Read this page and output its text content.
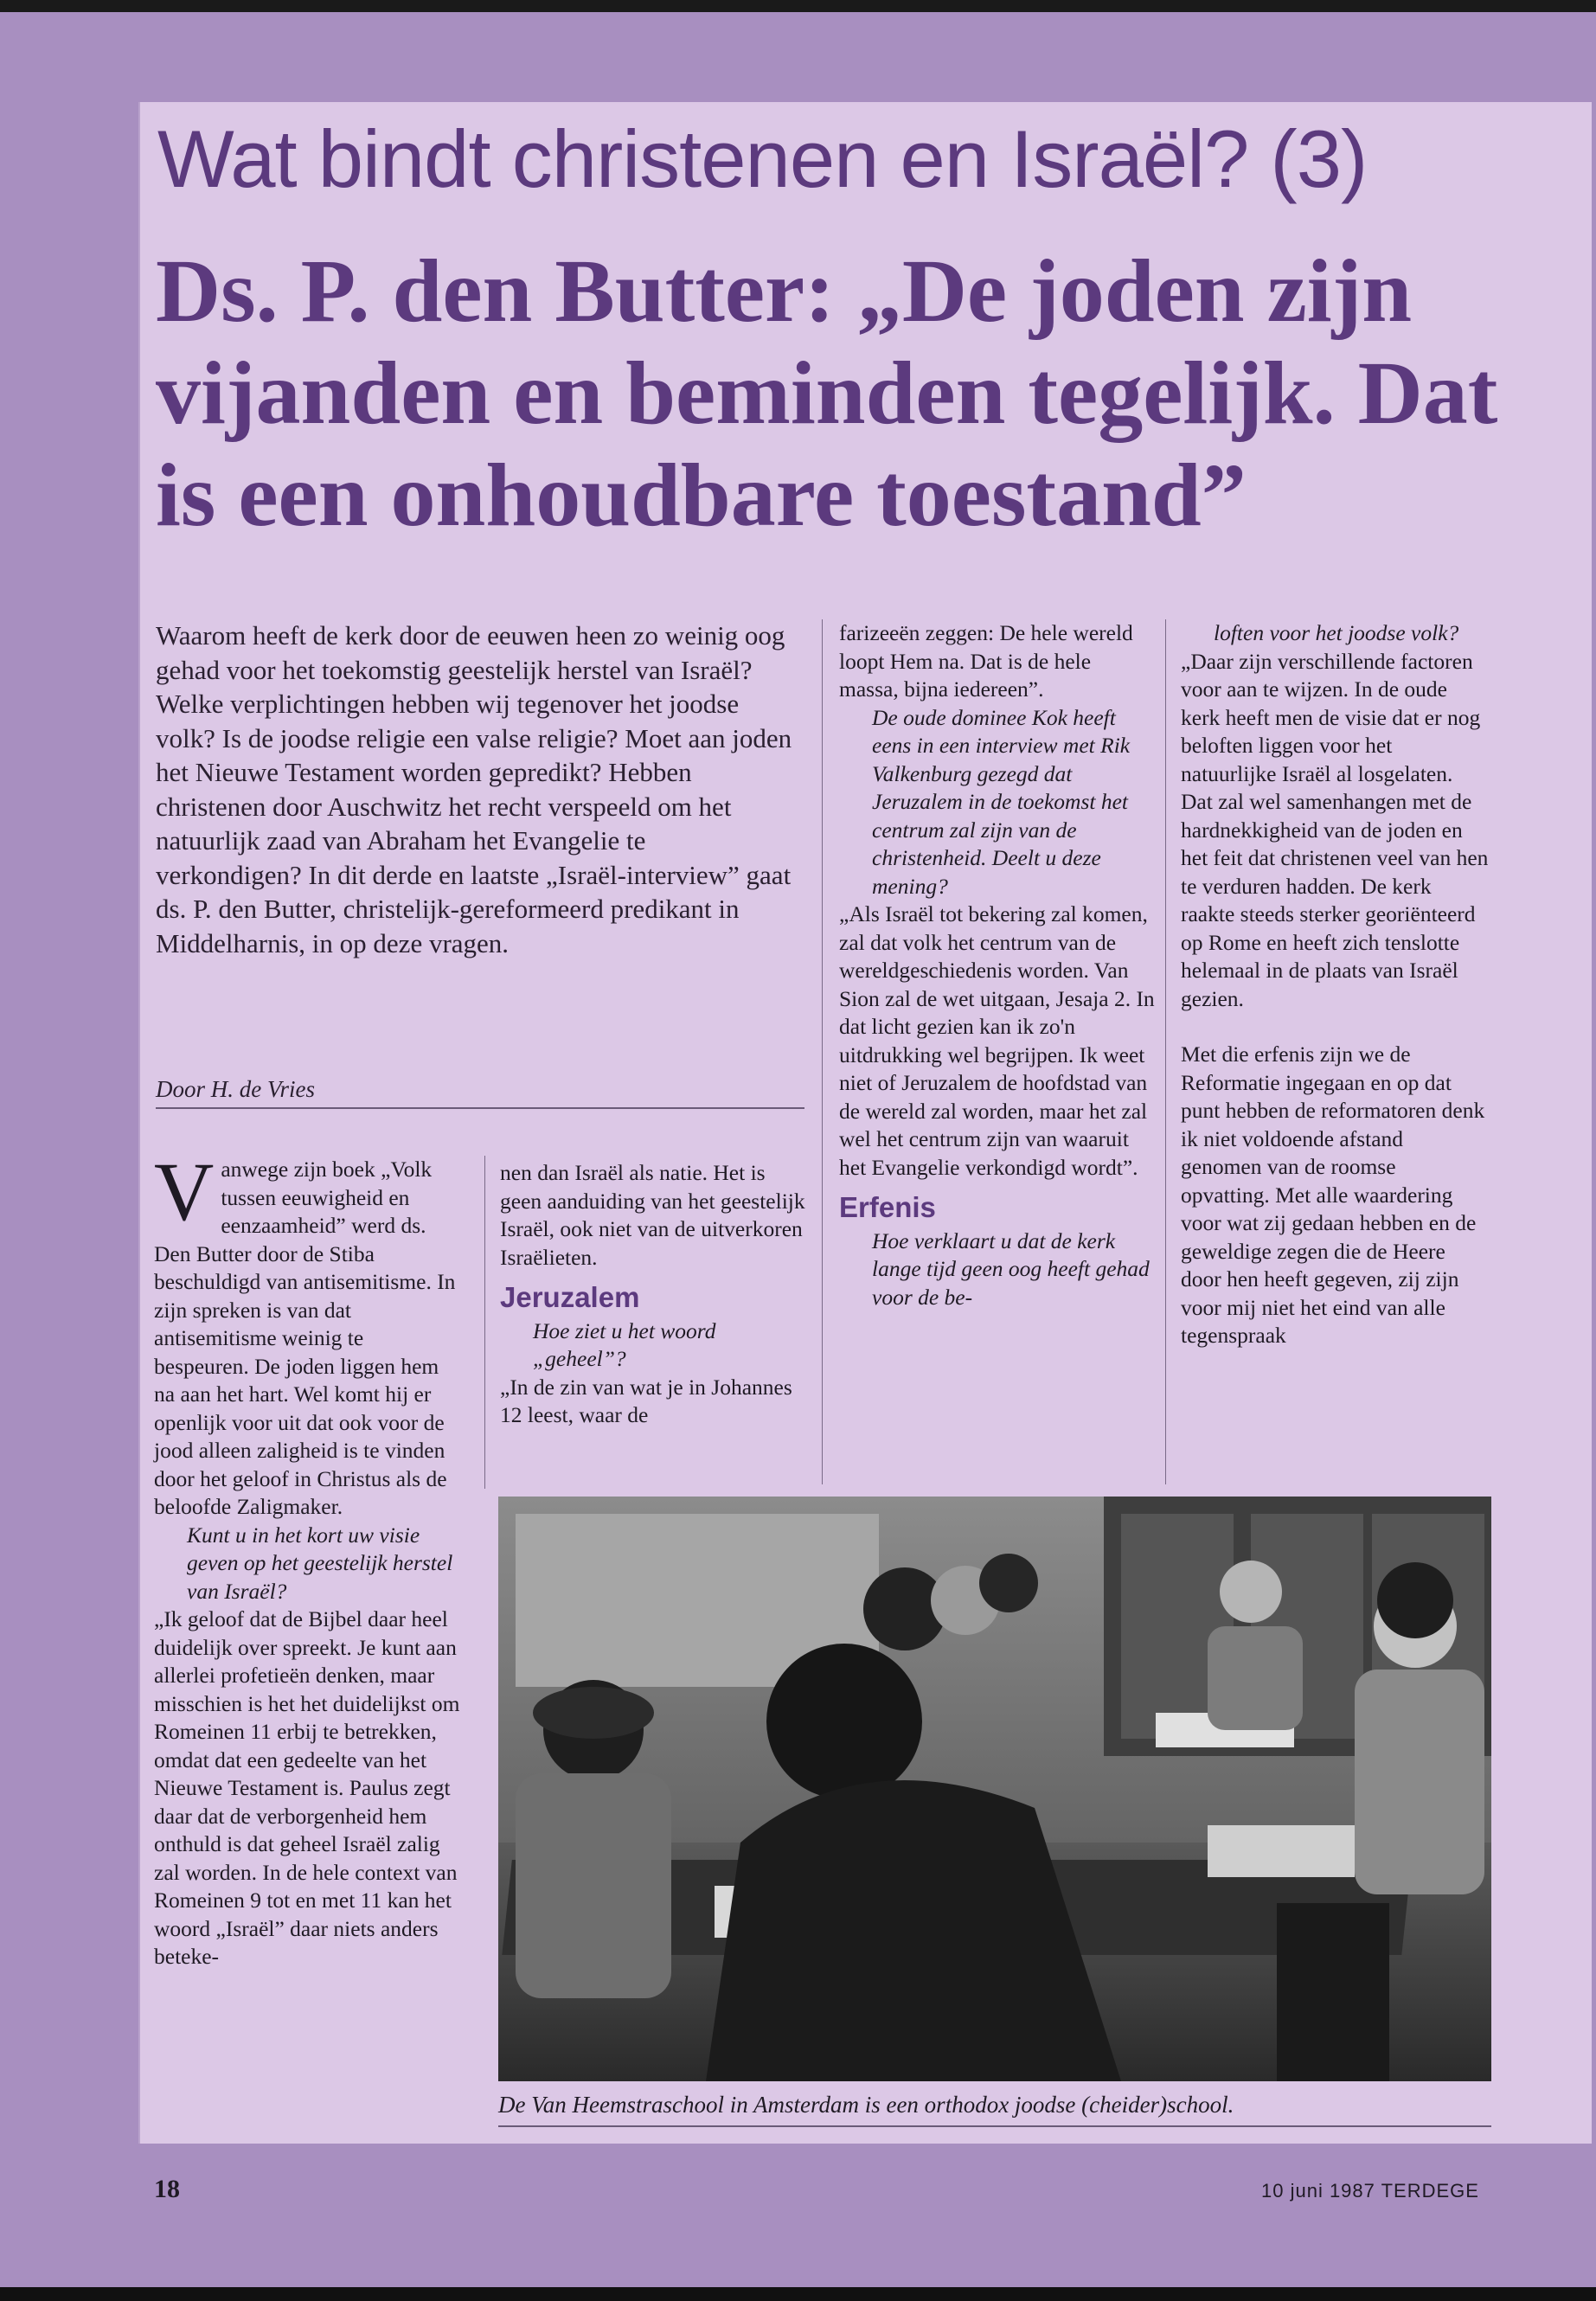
Wat bindt christenen en Israël? (3)
Ds. P. den Butter: „De joden zijn vijanden en beminden tegelijk. Dat is een onhoudbare toestand”
Waarom heeft de kerk door de eeuwen heen zo weinig oog gehad voor het toekomstig geestelijk herstel van Israël? Welke verplichtingen hebben wij tegenover het joodse volk? Is de joodse religie een valse religie? Moet aan joden het Nieuwe Testament worden gepredikt? Hebben christenen door Auschwitz het recht verspeeld om het natuurlijk zaad van Abraham het Evangelie te verkondigen? In dit derde en laatste „Israël-interview” gaat ds. P. den Butter, christelijk-gereformeerd predikant in Middelharnis, in op deze vragen.
Door H. de Vries

Vanwege zijn boek „Volk tussen eeuwigheid en eenzaamheid” werd ds. Den Butter door de Stiba beschuldigd van antisemitisme. In zijn spreken is van dat antisemitisme weinig te bespeuren. De joden liggen hem na aan het hart. Wel komt hij er openlijk voor uit dat ook voor de jood alleen zaligheid is te vinden door het geloof in Christus als de beloofde Zaligmaker.

Kunt u in het kort uw visie geven op het geestelijk herstel van Israël?

„Ik geloof dat de Bijbel daar heel duidelijk over spreekt. Je kunt aan allerlei profetieën denken, maar misschien is het het duidelijkst om Romeinen 11 erbij te betrekken, omdat dat een gedeelte van het Nieuwe Testament is. Paulus zegt daar dat de verborgenheid hem onthuld is dat geheel Israël zalig zal worden. In de hele context van Romeinen 9 tot en met 11 kan het woord „Israël” daar niets anders beteke-

nen dan Israël als natie. Het is geen aanduiding van het geestelijk Israël, ook niet van de uitverkoren Israëlieten.

Jeruzalem

Hoe ziet u het woord „geheel”?

„In de zin van wat je in Johannes 12 leest, waar de

farizeeën zeggen: De hele wereld loopt Hem na. Dat is de hele massa, bijna iedereen”.

De oude dominee Kok heeft eens in een interview met Rik Valkenburg gezegd dat Jeruzalem in de toekomst het centrum zal zijn van de christenheid. Deelt u deze mening?

„Als Israël tot bekering zal komen, zal dat volk het centrum van de wereldgeschiedenis worden. Van Sion zal de wet uitgaan, Jesaja 2. In dat licht gezien kan ik zo'n uitdrukking wel begrijpen. Ik weet niet of Jeruzalem de hoofdstad van de wereld zal worden, maar het zal wel het centrum zijn van waaruit het Evangelie verkondigd wordt”.

Erfenis

Hoe verklaart u dat de kerk lange tijd geen oog heeft gehad voor de be-

loften voor het joodse volk?

„Daar zijn verschillende factoren voor aan te wijzen. In de oude kerk heeft men de visie dat er nog beloften liggen voor het natuurlijke Israël al losgelaten. Dat zal wel samenhangen met de hardnekkigheid van de joden en het feit dat christenen veel van hen te verduren hadden. De kerk raakte steeds sterker georiënteerd op Rome en heeft zich tenslotte helemaal in de plaats van Israël gezien.

Met die erfenis zijn we de Reformatie ingegaan en op dat punt hebben de reformatoren denk ik niet voldoende afstand genomen van de roomse opvatting. Met alle waardering voor wat zij gedaan hebben en de geweldige zegen die de Heere door hen heeft gegeven, zij zijn voor mij niet het eind van alle tegenspraak

De Van Heemstraschool in Amsterdam is een orthodox joodse (cheider)school.
18	10 juni 1987 TERDEGE
